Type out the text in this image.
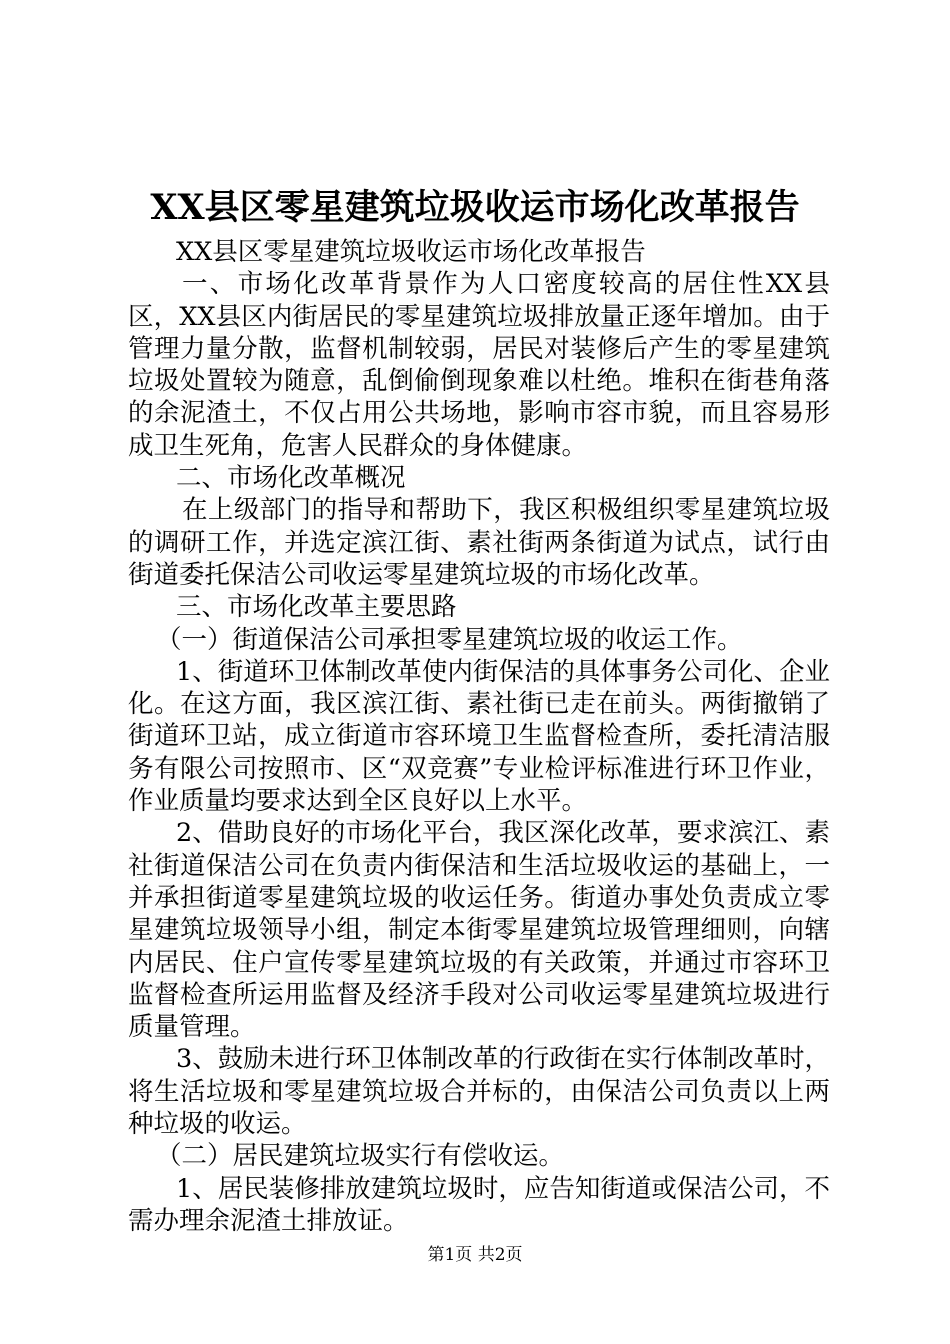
XX县区零星建筑垃圾收运市场化改革报告

XX县区零星建筑垃圾收运市场化改革报告

一、市场化改革背景作为人口密度较高的居住性XX县区，XX县区内街居民的零星建筑垃圾排放量正逐年增加。由于管理力量分散，监督机制较弱，居民对装修后产生的零星建筑垃圾处置较为随意，乱倒偷倒现象难以杜绝。堆积在街巷角落的余泥渣土，不仅占用公共场地，影响市容市貌，而且容易形成卫生死角，危害人民群众的身体健康。

二、市场化改革概况

在上级部门的指导和帮助下，我区积极组织零星建筑垃圾的调研工作，并选定滨江街、素社街两条街道为试点，试行由街道委托保洁公司收运零星建筑垃圾的市场化改革。

三、市场化改革主要思路

（一）街道保洁公司承担零星建筑垃圾的收运工作。

1、街道环卫体制改革使内街保洁的具体事务公司化、企业化。在这方面，我区滨江街、素社街已走在前头。两街撤销了街道环卫站，成立街道市容环境卫生监督检查所，委托清洁服务有限公司按照市、区“双竞赛”专业检评标准进行环卫作业，作业质量均要求达到全区良好以上水平。

2、借助良好的市场化平台，我区深化改革，要求滨江、素社街道保洁公司在负责内街保洁和生活垃圾收运的基础上，一并承担街道零星建筑垃圾的收运任务。街道办事处负责成立零星建筑垃圾领导小组，制定本街零星建筑垃圾管理细则，向辖内居民、住户宣传零星建筑垃圾的有关政策，并通过市容环卫监督检查所运用监督及经济手段对公司收运零星建筑垃圾进行质量管理。

3、鼓励未进行环卫体制改革的行政街在实行体制改革时，将生活垃圾和零星建筑垃圾合并标的，由保洁公司负责以上两种垃圾的收运。

（二）居民建筑垃圾实行有偿收运。

1、居民装修排放建筑垃圾时，应告知街道或保洁公司，不需办理余泥渣土排放证。

第1页 共2页
